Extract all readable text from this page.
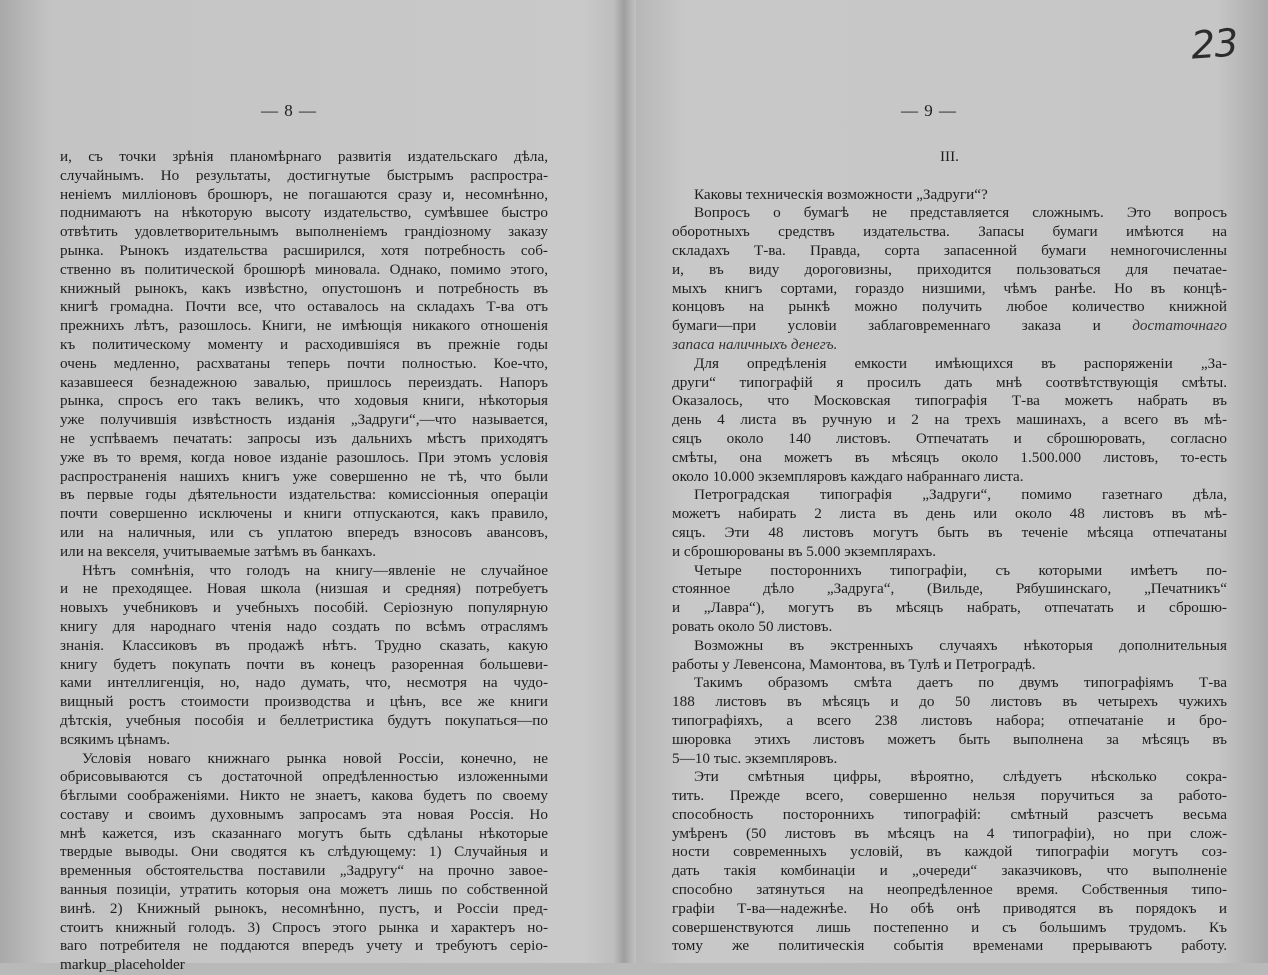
— 8 —
и, съ точки зрѣнія планомѣрнаго развитія издательскаго дѣла,
случайнымъ. Но результаты, достигнутые быстрымъ распростра-
неніемъ милліоновъ брошюръ, не погашаются сразу и, несомнѣнно,
поднимаютъ на нѣкоторую высоту издательство, сумѣвшее быстро
отвѣтить удовлетворительнымъ выполненіемъ грандіозному заказу
рынка. Рынокъ издательства расширился, хотя потребность соб-
ственно въ политической брошюрѣ миновала. Однако, помимо этого,
книжный рынокъ, какъ извѣстно, опустошонъ и потребность въ
книгѣ громадна. Почти все, что оставалось на складахъ Т-ва отъ
прежнихъ лѣтъ, разошлось. Книги, не имѣющія никакого отношенія
къ политическому моменту и расходившіяся въ прежніе годы
очень медленно, расхватаны теперь почти полностью. Кое-что,
казавшееся безнадежною завалью, пришлось переиздать. Напоръ
рынка, спросъ его такъ великъ, что ходовыя книги, нѣкоторыя
уже получившія извѣстность изданія „Задруги“,—что называется,
не успѣваемъ печатать: запросы изъ дальнихъ мѣстъ приходятъ
уже въ то время, когда новое изданіе разошлось. При этомъ условія
распространенія нашихъ книгъ уже совершенно не тѣ, что были
въ первые годы дѣятельности издательства: комиссіонныя операціи
почти совершенно исключены и книги отпускаются, какъ правило,
или на наличныя, или съ уплатою впередъ взносовъ авансовъ,
или на векселя, учитываемые затѣмъ въ банкахъ.
Нѣтъ сомнѣнія, что голодъ на книгу—явленіе не случайное
и не преходящее. Новая школа (низшая и средняя) потребуетъ
новыхъ учебниковъ и учебныхъ пособій. Серіозную популярную
книгу для народнаго чтенія надо создать по всѣмъ отраслямъ
знанія. Классиковъ въ продажѣ нѣтъ. Трудно сказать, какую
книгу будетъ покупать почти въ конецъ разоренная большеви-
ками интеллигенція, но, надо думать, что, несмотря на чудо-
вищный ростъ стоимости производства и цѣнъ, все же книги
дѣтскія, учебныя пособія и беллетристика будутъ покупаться—по
всякимъ цѣнамъ.
Условія новаго книжнаго рынка новой Россіи, конечно, не
обрисовываются съ достаточной опредѣленностью изложенными
бѣглыми соображеніями. Никто не знаетъ, какова будетъ по своему
составу и своимъ духовнымъ запросамъ эта новая Россія. Но
мнѣ кажется, изъ сказаннаго могутъ быть сдѣланы нѣкоторые
твердые выводы. Они сводятся къ слѣдующему: 1) Случайныя и
временныя обстоятельства поставили „Задругу“ на прочно завое-
ванныя позиціи, утратить которыя она можетъ лишь по собственной
винѣ. 2) Книжный рынокъ, несомнѣнно, пустъ, и Россіи пред-
стоитъ книжный голодъ. 3) Спросъ этого рынка и характеръ но-
ваго потребителя не поддаются впередъ учету и требуютъ серіо-
markup_placeholder
— 9 —
23
III.
Каковы техническія возможности „Задруги“?
Вопросъ о бумагѣ не представляется сложнымъ. Это вопросъ
оборотныхъ средствъ издательства. Запасы бумаги имѣются на
складахъ Т-ва. Правда, сорта запасенной бумаги немногочисленны
и, въ виду дороговизны, приходится пользоваться для печатае-
мыхъ книгъ сортами, гораздо низшими, чѣмъ ранѣе. Но въ концѣ-
концовъ на рынкѣ можно получить любое количество книжной
бумаги—при условіи заблаговременнаго заказа и достаточнаго
запаса наличныхъ денегъ.
Для опредѣленія емкости имѣющихся въ распоряженіи „За-
други“ типографій я просилъ дать мнѣ соотвѣтствующія смѣты.
Оказалось, что Московская типографія Т-ва можетъ набрать въ
день 4 листа въ ручную и 2 на трехъ машинахъ, а всего въ мѣ-
сяцъ около 140 листовъ. Отпечатать и сброшюровать, согласно
смѣты, она можетъ въ мѣсяцъ около 1.500.000 листовъ, то-есть
около 10.000 экземпляровъ каждаго набраннаго листа.
Петроградская типографія „Задруги“, помимо газетнаго дѣла,
можетъ набирать 2 листа въ день или около 48 листовъ въ мѣ-
сяцъ. Эти 48 листовъ могутъ быть въ теченіе мѣсяца отпечатаны
и сброшюрованы въ 5.000 экземплярахъ.
Четыре постороннихъ типографіи, съ которыми имѣетъ по-
стоянное дѣло „Задруга“, (Вильде, Рябушинскаго, „Печатникъ“
и „Лавра“), могутъ въ мѣсяцъ набрать, отпечатать и сброшю-
ровать около 50 листовъ.
Возможны въ экстренныхъ случаяхъ нѣкоторыя дополнительныя
работы у Левенсона, Мамонтова, въ Тулѣ и Петроградѣ.
Такимъ образомъ смѣта даетъ по двумъ типографіямъ Т-ва
188 листовъ въ мѣсяцъ и до 50 листовъ въ четырехъ чужихъ
типографіяхъ, а всего 238 листовъ набора; отпечатаніе и бро-
шюровка этихъ листовъ можетъ быть выполнена за мѣсяцъ въ
5—10 тыс. экземпляровъ.
Эти смѣтныя цифры, вѣроятно, слѣдуетъ нѣсколько сокра-
тить. Прежде всего, совершенно нельзя поручиться за работо-
способность постороннихъ типографій: смѣтный разсчетъ весьма
умѣренъ (50 листовъ въ мѣсяцъ на 4 типографіи), но при слож-
ности современныхъ условій, въ каждой типографіи могутъ соз-
дать такія комбинаціи и „очереди“ заказчиковъ, что выполненіе
способно затянуться на неопредѣленное время. Собственныя типо-
графіи Т-ва—надежнѣе. Но обѣ онѣ приводятся въ порядокъ и
совершенствуются лишь постепенно и съ большимъ трудомъ. Къ
тому же политическія событія временами прерываютъ работу.
